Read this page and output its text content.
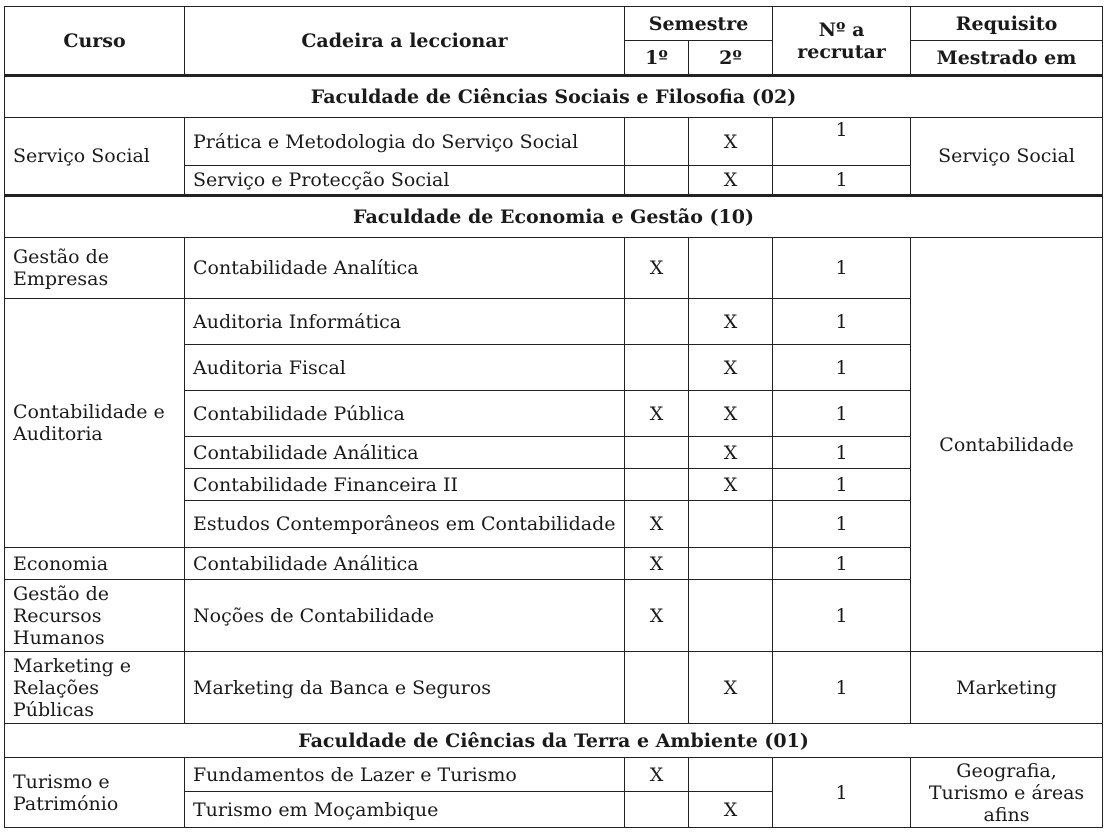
Curso	Cadeira a leccionar	Semestre		Nº a recrutar	Requisito
		1º	2º		Mestrado em
Faculdade de Ciências Sociais e Filosofia (02)					
Serviço Social	Prática e Metodologia do Serviço Social		X	1	Serviço Social
	Serviço e Protecção Social		X	1	
Faculdade de Economia e Gestão (10)					
Gestão de Empresas	Contabilidade Analítica	X		1	Contabilidade
Contabilidade e Auditoria	Auditoria Informática		X	1	
	Auditoria Fiscal		X	1	
	Contabilidade Pública	X	X	1	
	Contabilidade Análitica		X	1	
	Contabilidade Financeira II		X	1	
	Estudos Contemporâneos em Contabilidade	X		1	
Economia	Contabilidade Análitica	X		1	
Gestão de Recursos Humanos	Noções de Contabilidade	X		1	
Marketing e Relações Públicas	Marketing da Banca e Seguros		X	1	Marketing
Faculdade de Ciências da Terra e Ambiente (01)					
Turismo e Património	Fundamentos de Lazer e Turismo	X		1	Geografia, Turismo e áreas afins
	Turismo em Moçambique		X		
